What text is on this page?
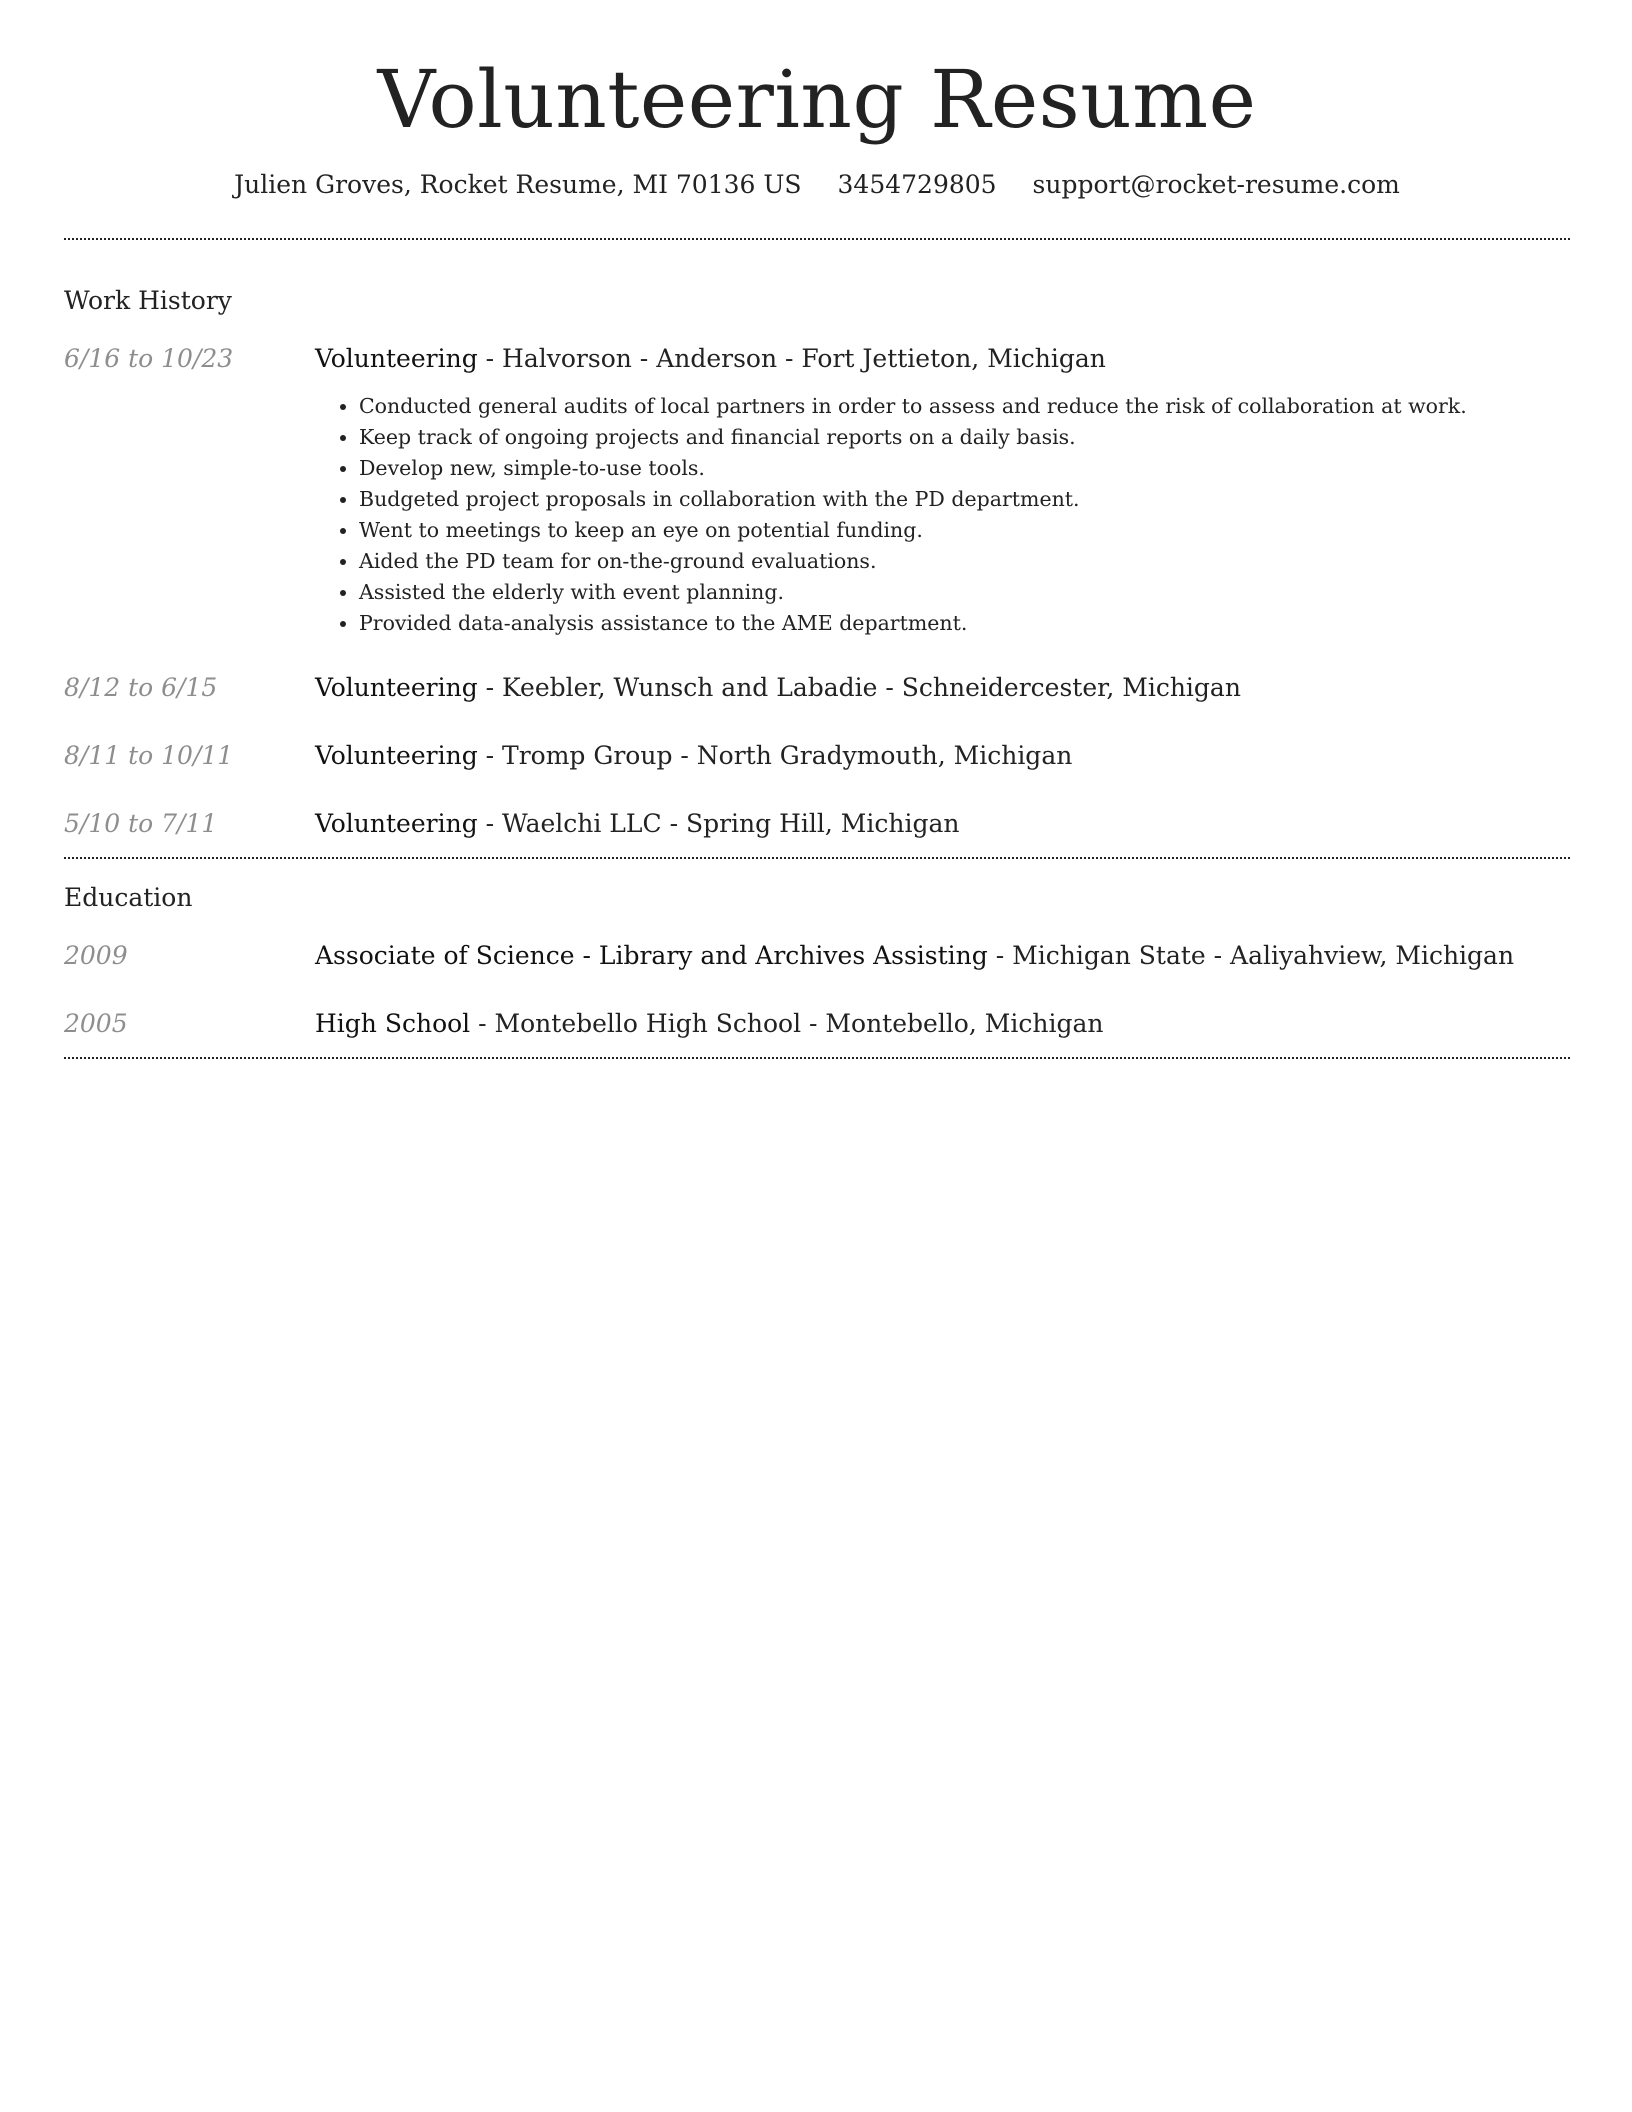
Volunteering Resume
Julien Groves, Rocket Resume, MI 70136 US 3454729805 support@rocket-resume.com
Work History
6/16 to 10/23	Volunteering - Halvorson - Anderson - Fort Jettieton, Michigan
• Conducted general audits of local partners in order to assess and reduce the risk of collaboration at work.
• Keep track of ongoing projects and financial reports on a daily basis.
• Develop new, simple-to-use tools.
• Budgeted project proposals in collaboration with the PD department.
• Went to meetings to keep an eye on potential funding.
• Aided the PD team for on-the-ground evaluations.
• Assisted the elderly with event planning.
• Provided data-analysis assistance to the AME department.
8/12 to 6/15	Volunteering - Keebler, Wunsch and Labadie - Schneidercester, Michigan
8/11 to 10/11	Volunteering - Tromp Group - North Gradymouth, Michigan
5/10 to 7/11	Volunteering - Waelchi LLC - Spring Hill, Michigan
Education
2009	Associate of Science - Library and Archives Assisting - Michigan State - Aaliyahview, Michigan
2005	High School - Montebello High School - Montebello, Michigan
